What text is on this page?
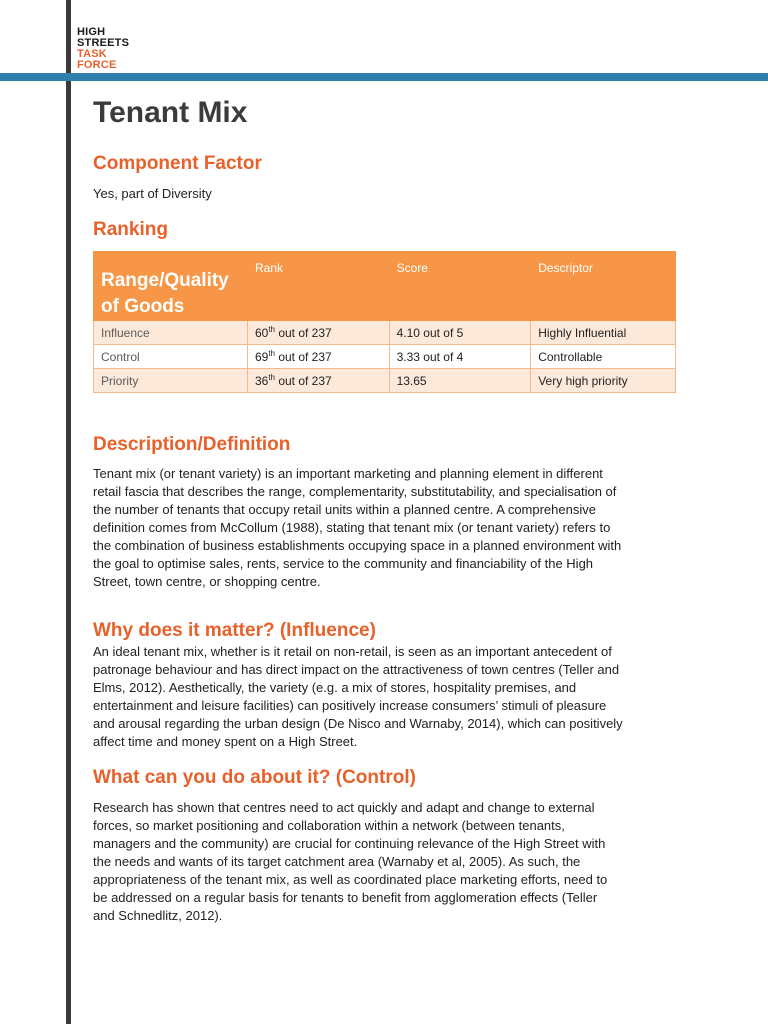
HIGH
STREETS
TASK
FORCE
Tenant Mix
Component Factor

Yes, part of Diversity

Ranking
Range/Quality of Goods	Rank	Score	Descriptor
Influence	60th out of 237	4.10 out of 5	Highly Influential
Control	69th out of 237	3.33 out of 4	Controllable
Priority	36th out of 237	13.65	Very high priority
Description/Definition

Tenant mix (or tenant variety) is an important marketing and planning element in different
retail fascia that describes the range, complementarity, substitutability, and specialisation of
the number of tenants that occupy retail units within a planned centre. A comprehensive
definition comes from McCollum (1988), stating that tenant mix (or tenant variety) refers to
the combination of business establishments occupying space in a planned environment with
the goal to optimise sales, rents, service to the community and financiability of the High
Street, town centre, or shopping centre.

Why does it matter? (Influence)

An ideal tenant mix, whether is it retail on non-retail, is seen as an important antecedent of
patronage behaviour and has direct impact on the attractiveness of town centres (Teller and
Elms, 2012). Aesthetically, the variety (e.g. a mix of stores, hospitality premises, and
entertainment and leisure facilities) can positively increase consumers’ stimuli of pleasure
and arousal regarding the urban design (De Nisco and Warnaby, 2014), which can positively
affect time and money spent on a High Street.

What can you do about it? (Control)

Research has shown that centres need to act quickly and adapt and change to external
forces, so market positioning and collaboration within a network (between tenants,
managers and the community) are crucial for continuing relevance of the High Street with
the needs and wants of its target catchment area (Warnaby et al, 2005). As such, the
appropriateness of the tenant mix, as well as coordinated place marketing efforts, need to
be addressed on a regular basis for tenants to benefit from agglomeration effects (Teller
and Schnedlitz, 2012).
